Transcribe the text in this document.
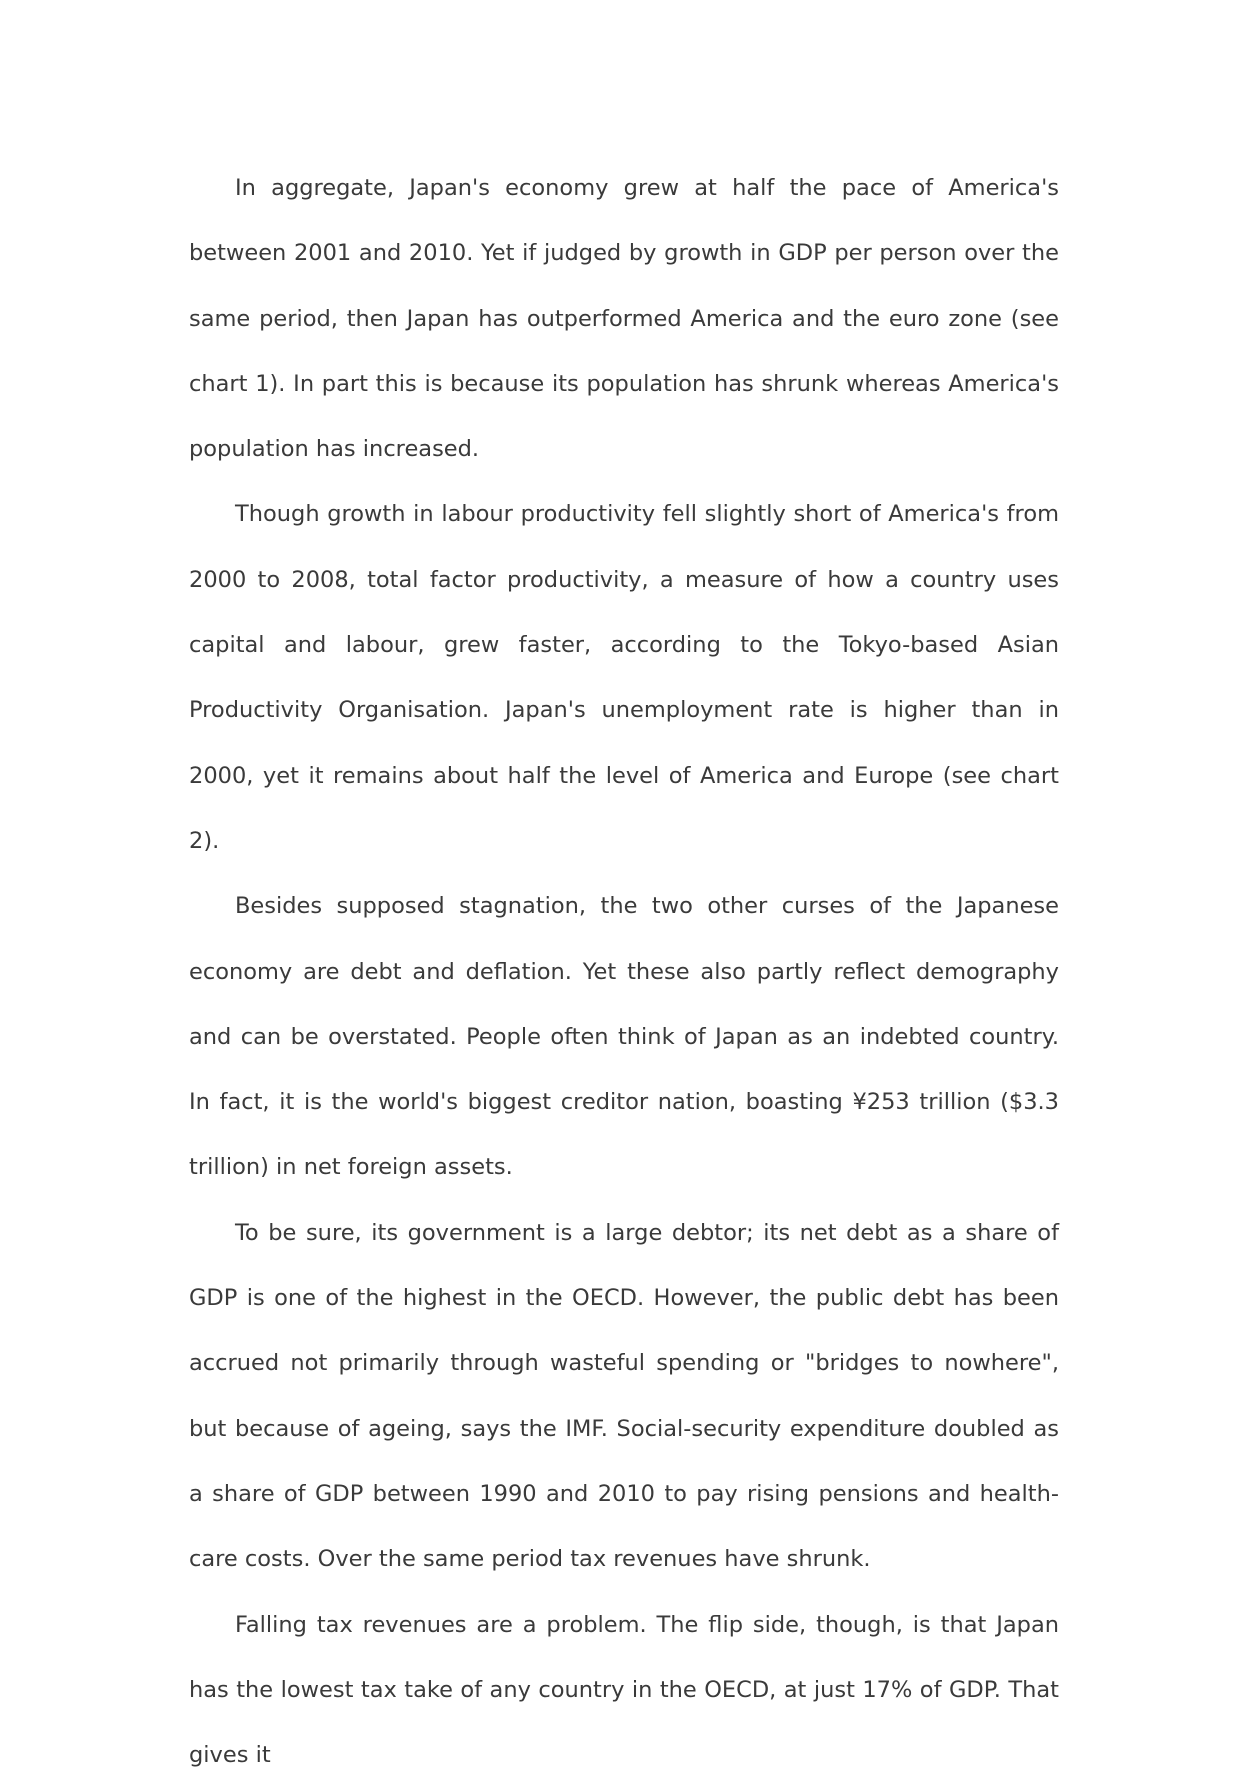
In aggregate, Japan's economy grew at half the pace of America's between 2001 and 2010. Yet if judged by growth in GDP per person over the same period, then Japan has outperformed America and the euro zone (see chart 1). In part this is because its population has shrunk whereas America's population has increased.

Though growth in labour productivity fell slightly short of America's from 2000 to 2008, total factor productivity, a measure of how a country uses capital and labour, grew faster, according to the Tokyo-based Asian Productivity Organisation. Japan's unemployment rate is higher than in 2000, yet it remains about half the level of America and Europe (see chart 2).

Besides supposed stagnation, the two other curses of the Japanese economy are debt and deflation. Yet these also partly reflect demography and can be overstated. People often think of Japan as an indebted country. In fact, it is the world's biggest creditor nation, boasting ¥253 trillion ($3.3 trillion) in net foreign assets.

To be sure, its government is a large debtor; its net debt as a share of GDP is one of the highest in the OECD. However, the public debt has been accrued not primarily through wasteful spending or "bridges to nowhere", but because of ageing, says the IMF. Social-security expenditure doubled as a share of GDP between 1990 and 2010 to pay rising pensions and health-care costs. Over the same period tax revenues have shrunk.

Falling tax revenues are a problem. The flip side, though, is that Japan has the lowest tax take of any country in the OECD, at just 17% of GDP. That gives it
